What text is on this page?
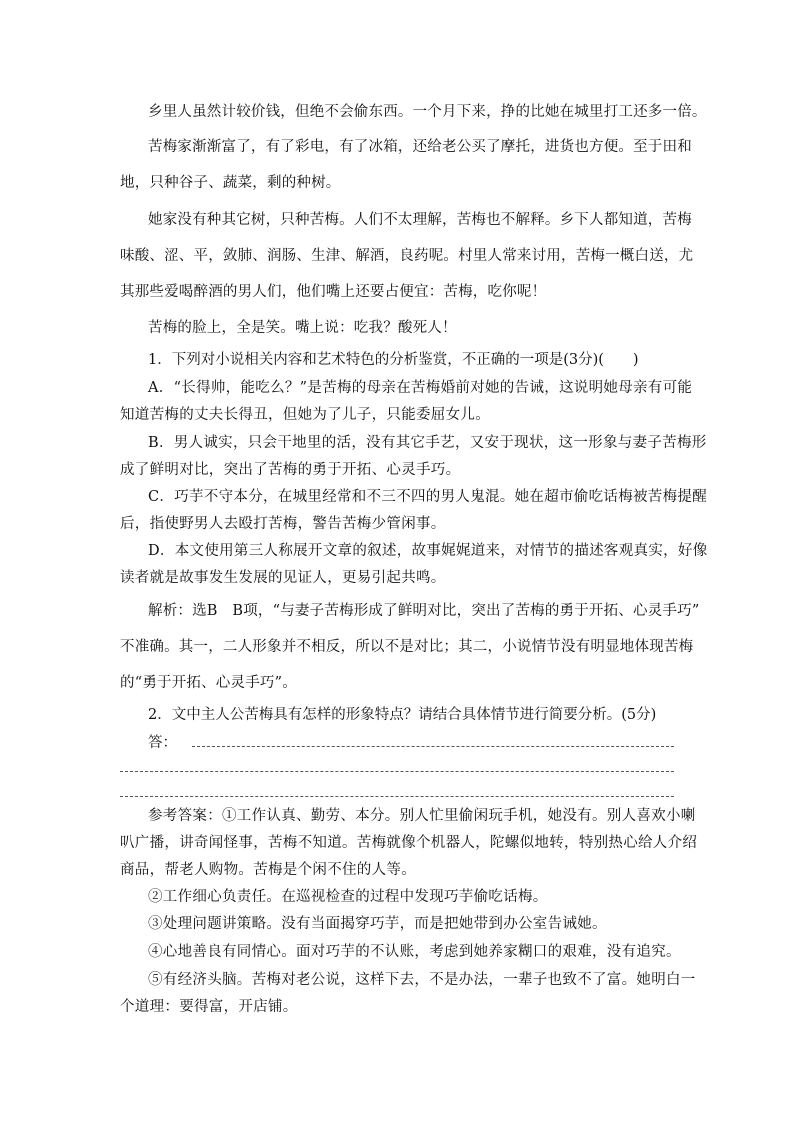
乡里人虽然计较价钱，但绝不会偷东西。一个月下来，挣的比她在城里打工还多一倍。
苦梅家渐渐富了，有了彩电，有了冰箱，还给老公买了摩托，进货也方便。至于田和
地，只种谷子、蔬菜，剩的种树。
她家没有种其它树，只种苦梅。人们不太理解，苦梅也不解释。乡下人都知道，苦梅
味酸、涩、平，敛肺、润肠、生津、解酒，良药呢。村里人常来讨用，苦梅一概白送，尤
其那些爱喝醉酒的男人们，他们嘴上还要占便宜：苦梅，吃你呢！
苦梅的脸上，全是笑。嘴上说：吃我？酸死人！
1．下列对小说相关内容和艺术特色的分析鉴赏，不正确的一项是(3分)(　　)
A．“长得帅，能吃么？”是苦梅的母亲在苦梅婚前对她的告诫，这说明她母亲有可能
知道苦梅的丈夫长得丑，但她为了儿子，只能委屈女儿。
B．男人诚实，只会干地里的活，没有其它手艺，又安于现状，这一形象与妻子苦梅形
成了鲜明对比，突出了苦梅的勇于开拓、心灵手巧。
C．巧芋不守本分，在城里经常和不三不四的男人鬼混。她在超市偷吃话梅被苦梅提醒
后，指使野男人去殴打苦梅，警告苦梅少管闲事。
D．本文使用第三人称展开文章的叙述，故事娓娓道来，对情节的描述客观真实，好像
读者就是故事发生发展的见证人，更易引起共鸣。
解析：选B　B项，“与妻子苦梅形成了鲜明对比，突出了苦梅的勇于开拓、心灵手巧”
不准确。其一，二人形象并不相反，所以不是对比；其二，小说情节没有明显地体现苦梅
的“勇于开拓、心灵手巧”。
2．文中主人公苦梅具有怎样的形象特点？请结合具体情节进行简要分析。(5分)
答：
参考答案：①工作认真、勤劳、本分。别人忙里偷闲玩手机，她没有。别人喜欢小喇
叭广播，讲奇闻怪事，苦梅不知道。苦梅就像个机器人，陀螺似地转，特别热心给人介绍
商品，帮老人购物。苦梅是个闲不住的人等。
②工作细心负责任。在巡视检查的过程中发现巧芋偷吃话梅。
③处理问题讲策略。没有当面揭穿巧芋，而是把她带到办公室告诫她。
④心地善良有同情心。面对巧芋的不认账，考虑到她养家糊口的艰难，没有追究。
⑤有经济头脑。苦梅对老公说，这样下去，不是办法，一辈子也致不了富。她明白一
个道理：要得富，开店铺。
